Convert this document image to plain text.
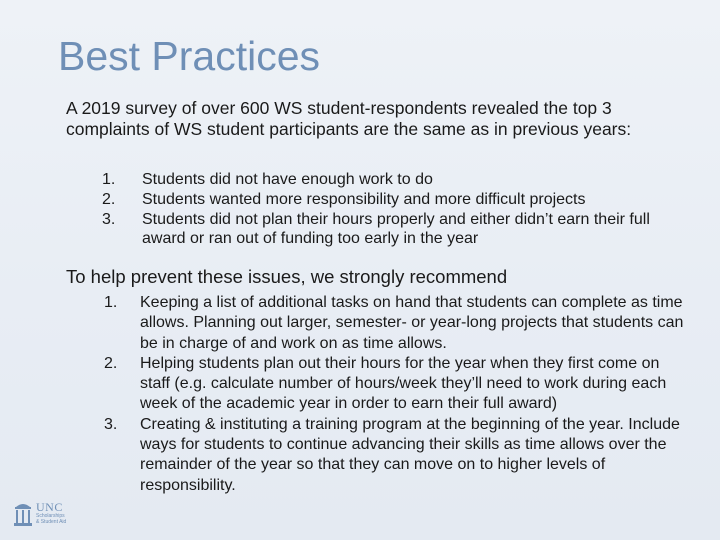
Best Practices
A 2019 survey of over 600 WS student-respondents revealed the top 3 complaints of WS student participants are the same as in previous years:
1. Students did not have enough work to do
2. Students wanted more responsibility and more difficult projects
3. Students did not plan their hours properly and either didn’t earn their full award or ran out of funding too early in the year
To help prevent these issues, we strongly recommend
1. Keeping a list of additional tasks on hand that students can complete as time allows. Planning out larger, semester- or year-long projects that students can be in charge of and work on as time allows.
2. Helping students plan out their hours for the year when they first come on staff (e.g. calculate number of hours/week they’ll need to work during each week of the academic year in order to earn their full award)
3. Creating & instituting a training program at the beginning of the year. Include ways for students to continue advancing their skills as time allows over the remainder of the year so that they can move on to higher levels of responsibility.
UNC
Scholarships
& Student Aid
